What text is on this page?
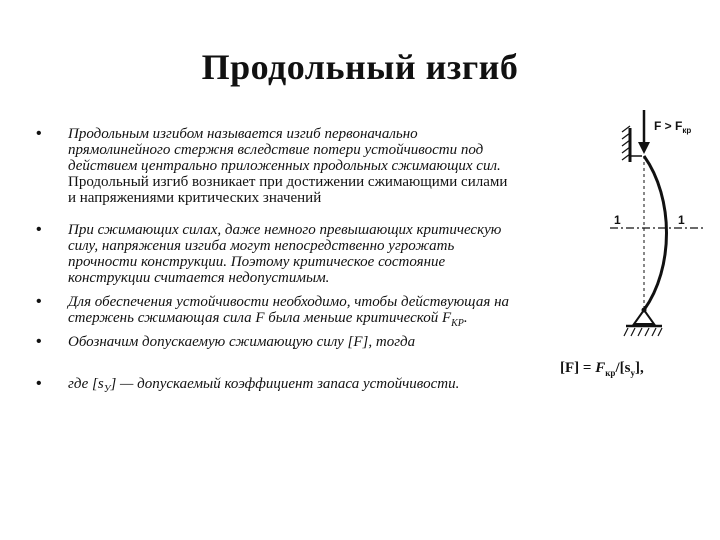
Продольный изгиб
• Продольным изгибом называется изгиб первоначально
прямолинейного стержня вследствие потери устойчивости под
действием центрально приложенных продольных сжимающих сил.
Продольный изгиб возникает при достижении сжимающими силами
и напряжениями критических значений
• При сжимающих силах, даже немного превышающих критическую
силу, напряжения изгиба могут непосредственно угрожать
прочности конструкции. Поэтому критическое состояние
конструкции считается недопустимым.
• Для обеспечения устойчивости необходимо, чтобы действующая на
стержень сжимающая сила F была меньше критической $F_{КР}$.
• Обозначим допускаемую сжимающую силу [F], тогда
• где $[s_У]$ — допускаемый коэффициент запаса устойчивости.
$F > F_{кр}$
1	1
$[F] = F_{кр}/[s_у]$,
